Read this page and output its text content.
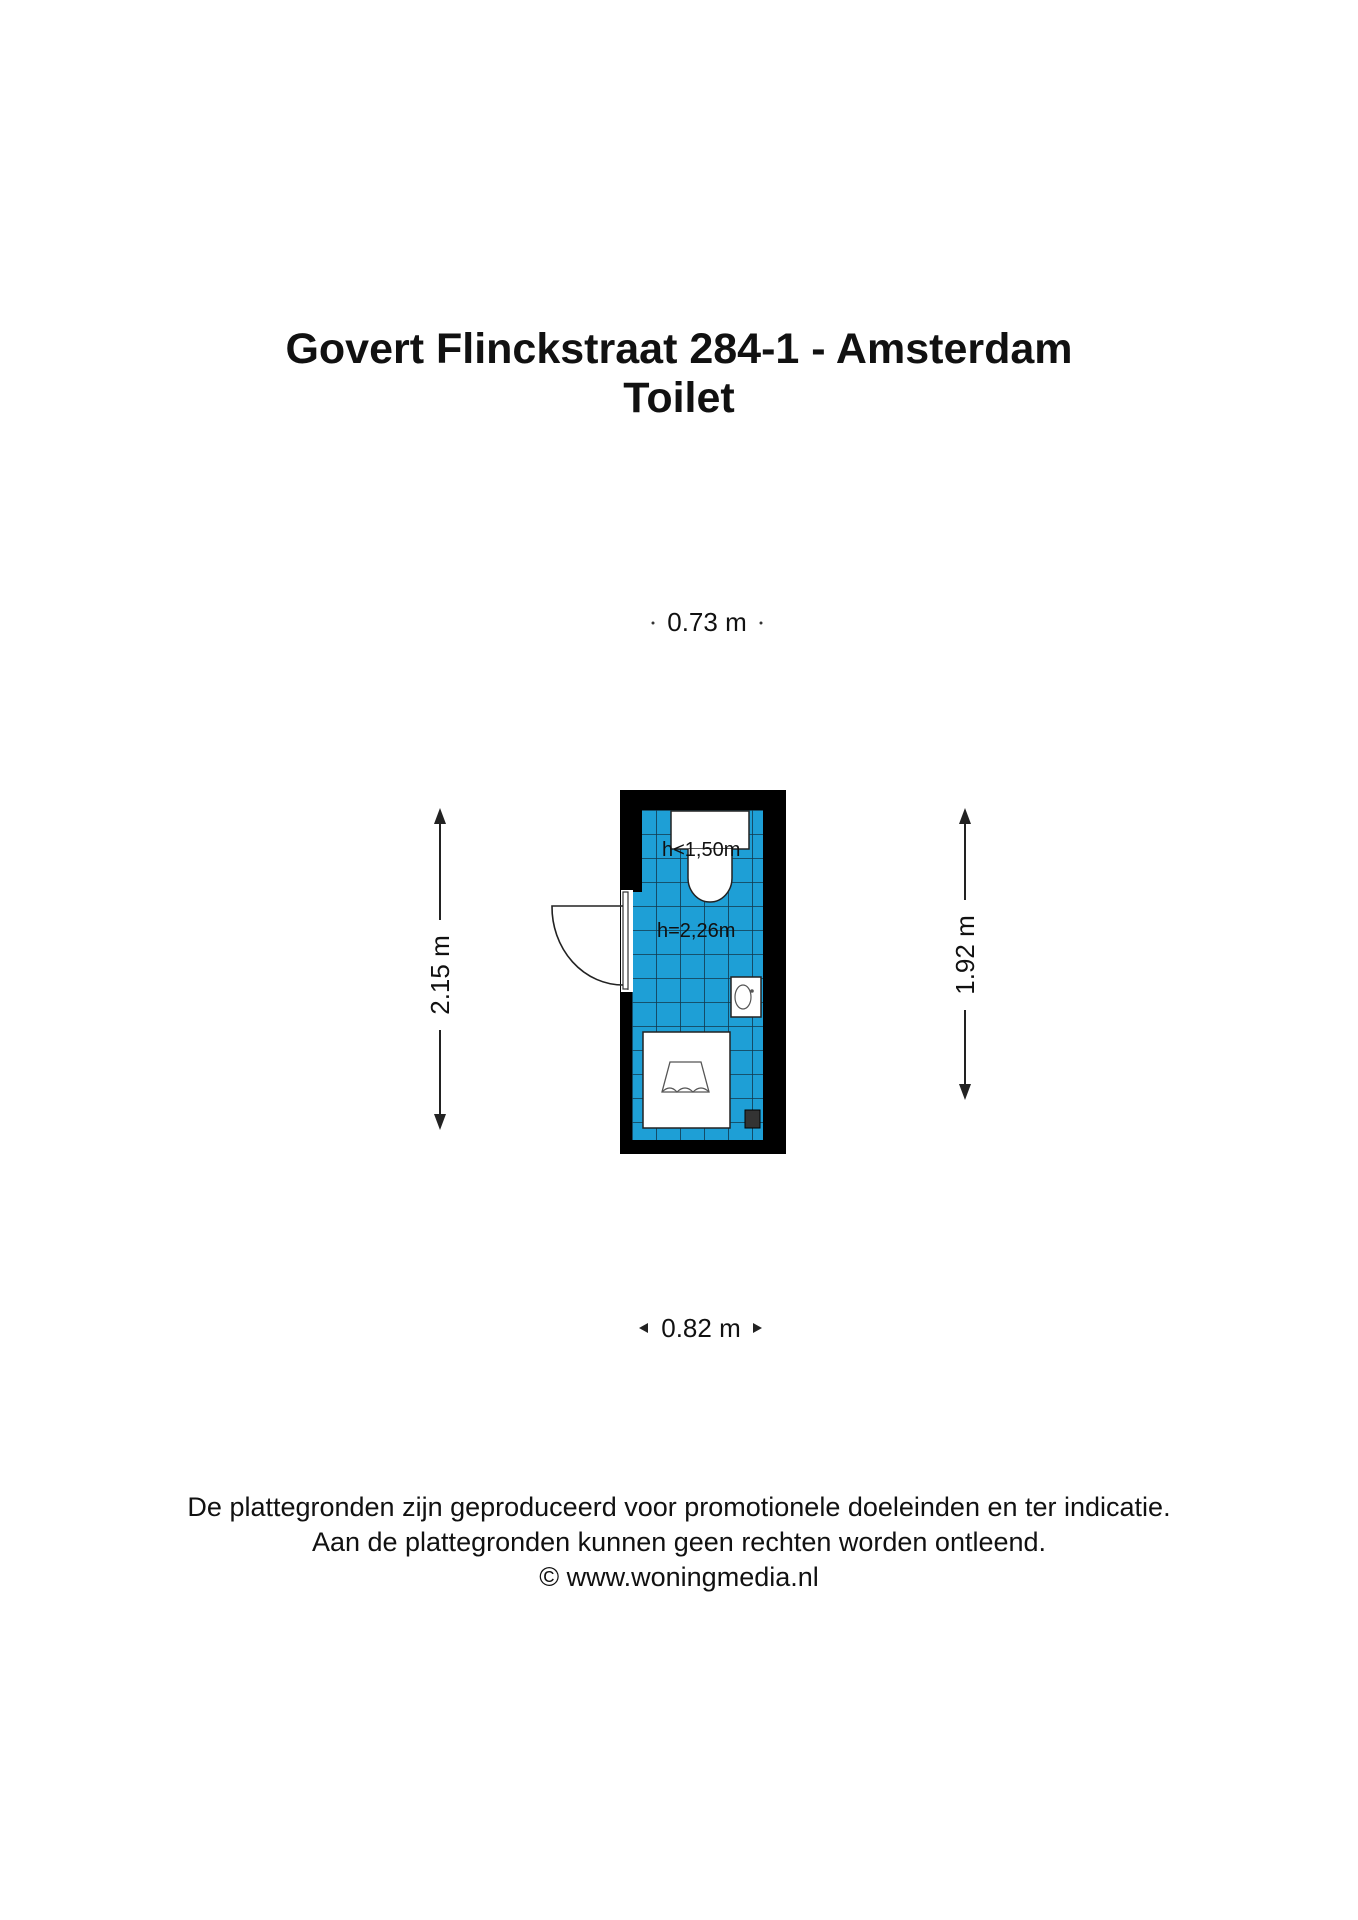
Govert Flinckstraat 284-1 - Amsterdam
Toilet
0.73 m
2.15 m	1.92 m
h<1,50m
h=2,26m
0.82 m
De plattegronden zijn geproduceerd voor promotionele doeleinden en ter indicatie.
Aan de plattegronden kunnen geen rechten worden ontleend.
© www.woningmedia.nl
